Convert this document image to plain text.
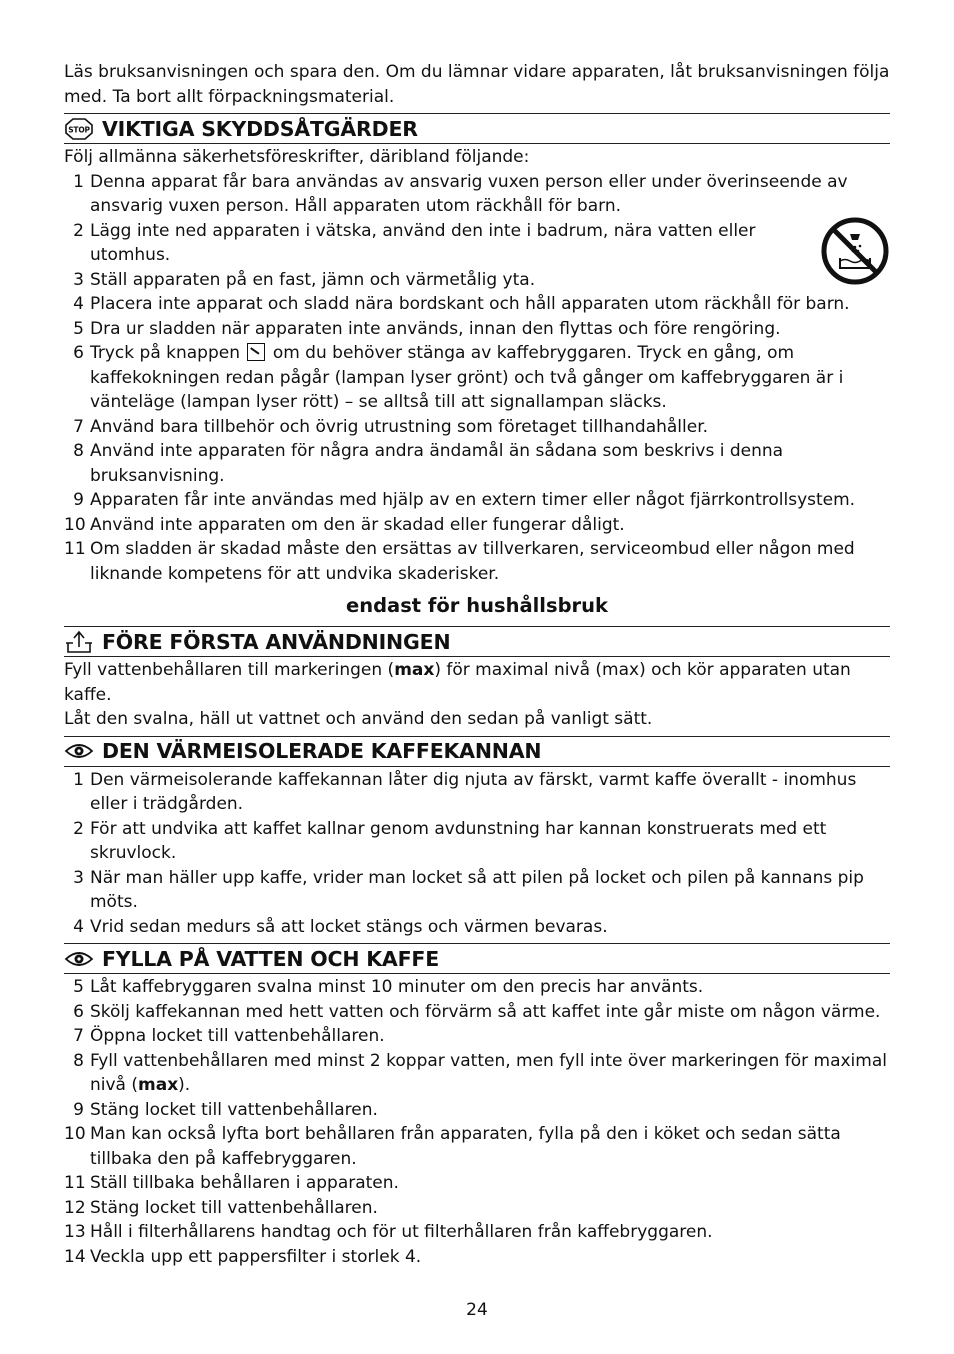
Läs bruksanvisningen och spara den. Om du lämnar vidare apparaten, låt bruksanvisningen följa med. Ta bort allt förpackningsmaterial.

STOP VIKTIGA SKYDDSÅTGÄRDER

Följ allmänna säkerhetsföreskrifter, däribland följande:

1 Denna apparat får bara användas av ansvarig vuxen person eller under överinseende av ansvarig vuxen person. Håll apparaten utom räckhåll för barn.
2 Lägg inte ned apparaten i vätska, använd den inte i badrum, nära vatten eller utomhus.
3 Ställ apparaten på en fast, jämn och värmetålig yta.
4 Placera inte apparat och sladd nära bordskant och håll apparaten utom räckhåll för barn.
5 Dra ur sladden när apparaten inte används, innan den flyttas och före rengöring.
6 Tryck på knappen om du behöver stänga av kaffebryggaren. Tryck en gång, om kaffekokningen redan pågår (lampan lyser grönt) och två gånger om kaffebryggaren är i vänteläge (lampan lyser rött) – se alltså till att signallampan släcks.
7 Använd bara tillbehör och övrig utrustning som företaget tillhandahåller.
8 Använd inte apparaten för några andra ändamål än sådana som beskrivs i denna bruksanvisning.
9 Apparaten får inte användas med hjälp av en extern timer eller något fjärrkontrollsystem.
10 Använd inte apparaten om den är skadad eller fungerar dåligt.
11 Om sladden är skadad måste den ersättas av tillverkaren, serviceombud eller någon med liknande kompetens för att undvika skaderisker.
endast för hushållsbruk
FÖRE FÖRSTA ANVÄNDNINGEN

Fyll vattenbehållaren till markeringen (max) för maximal nivå (max) och kör apparaten utan kaffe.

Låt den svalna, häll ut vattnet och använd den sedan på vanligt sätt.

DEN VÄRMEISOLERADE KAFFEKANNAN
1 Den värmeisolerande kaffekannan låter dig njuta av färskt, varmt kaffe överallt - inomhus eller i trädgården.
2 För att undvika att kaffet kallnar genom avdunstning har kannan konstruerats med ett skruvlock.
3 När man häller upp kaffe, vrider man locket så att pilen på locket och pilen på kannans pip möts.
4 Vrid sedan medurs så att locket stängs och värmen bevaras.
FYLLA PÅ VATTEN OCH KAFFE
5 Låt kaffebryggaren svalna minst 10 minuter om den precis har använts.
6 Skölj kaffekannan med hett vatten och förvärm så att kaffet inte går miste om någon värme.
7 Öppna locket till vattenbehållaren.
8 Fyll vattenbehållaren med minst 2 koppar vatten, men fyll inte över markeringen för maximal nivå (max).
9 Stäng locket till vattenbehållaren.
10 Man kan också lyfta bort behållaren från apparaten, fylla på den i köket och sedan sätta tillbaka den på kaffebryggaren.
11 Ställ tillbaka behållaren i apparaten.
12 Stäng locket till vattenbehållaren.
13 Håll i filterhållarens handtag och för ut filterhållaren från kaffebryggaren.
14 Veckla upp ett pappersfilter i storlek 4.
24
